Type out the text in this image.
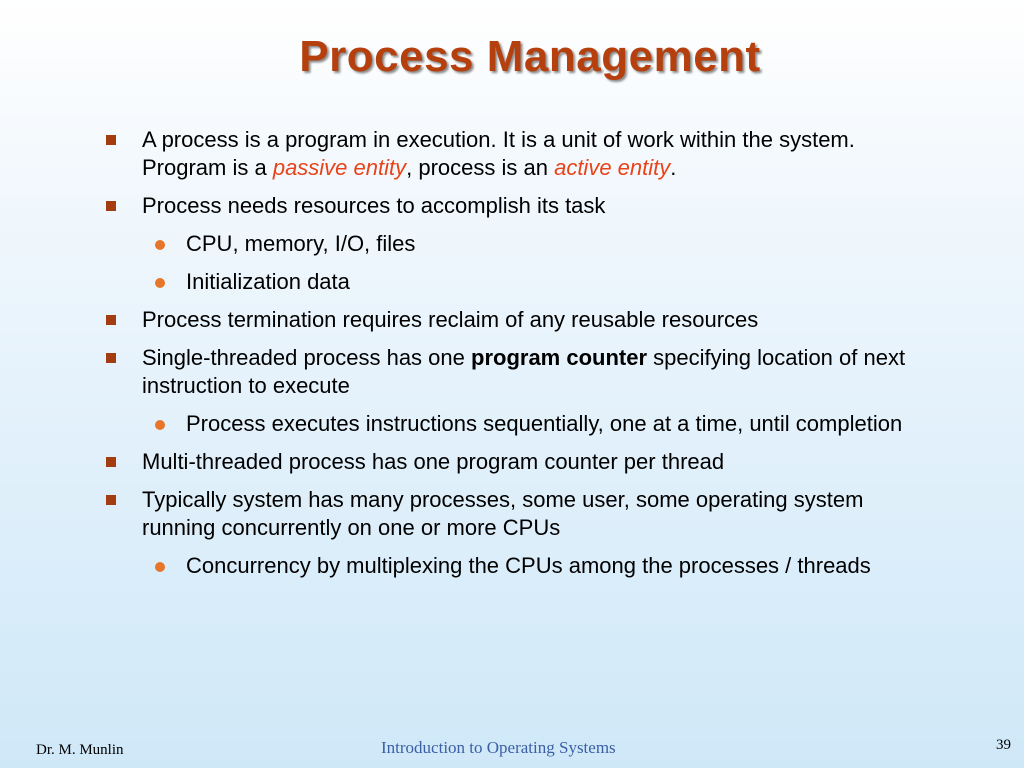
Process Management
A process is a program in execution. It is a unit of work within the system. Program is a passive entity, process is an active entity.
Process needs resources to accomplish its task
CPU, memory, I/O, files
Initialization data
Process termination requires reclaim of any reusable resources
Single-threaded process has one program counter specifying location of next instruction to execute
Process executes instructions sequentially, one at a time, until completion
Multi-threaded process has one program counter per thread
Typically system has many processes, some user, some operating system running concurrently on one or more CPUs
Concurrency by multiplexing the CPUs among the processes / threads
Dr. M. Munlin	Introduction to Operating Systems	39
